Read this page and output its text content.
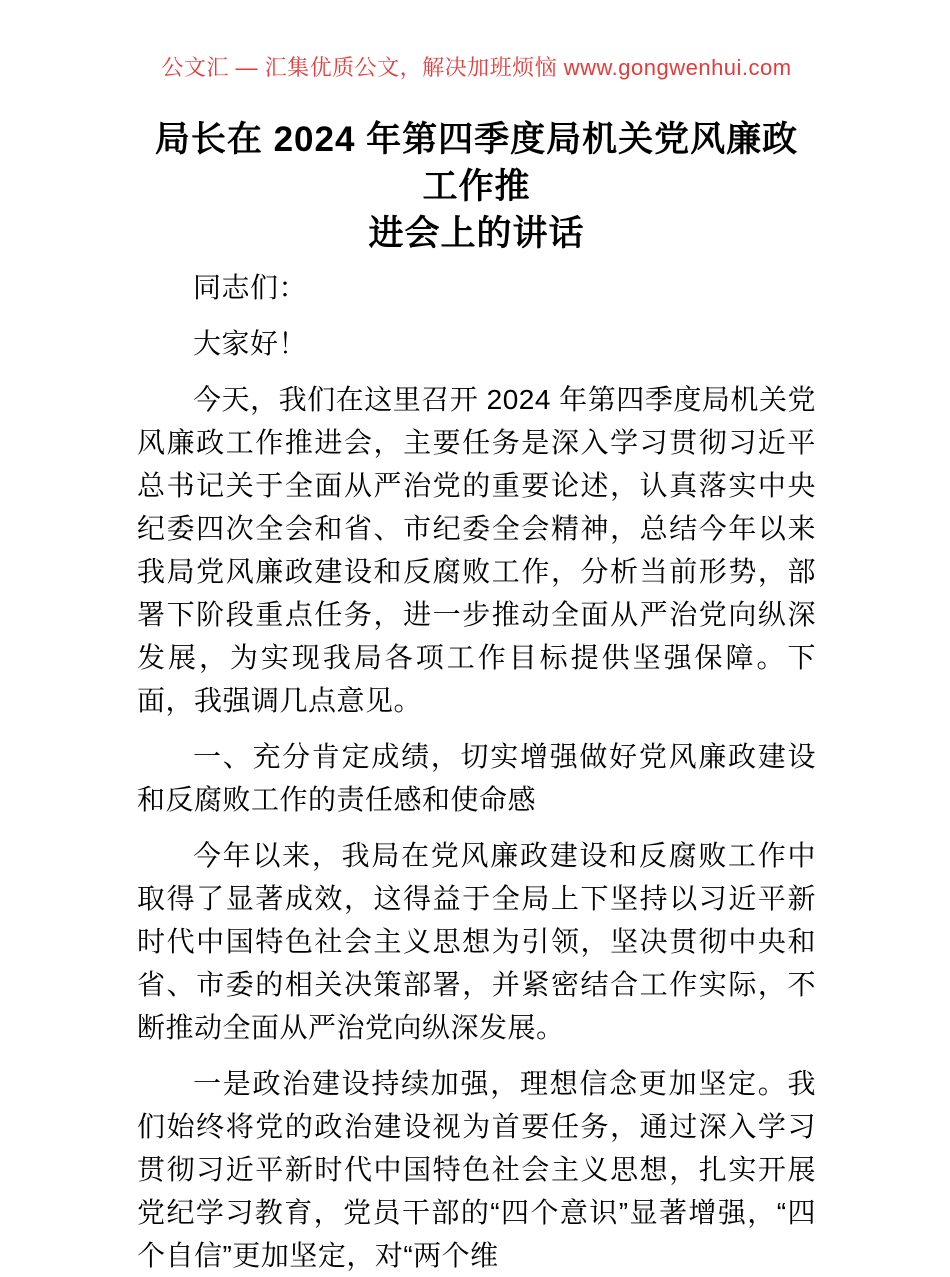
公文汇 — 汇集优质公文，解决加班烦恼 www.gongwenhui.com
局长在 2024 年第四季度局机关党风廉政工作推
进会上的讲话

同志们：

大家好！

今天，我们在这里召开 2024 年第四季度局机关党风廉政工作推进会，主要任务是深入学习贯彻习近平总书记关于全面从严治党的重要论述，认真落实中央纪委四次全会和省、市纪委全会精神，总结今年以来我局党风廉政建设和反腐败工作，分析当前形势，部署下阶段重点任务，进一步推动全面从严治党向纵深发展，为实现我局各项工作目标提供坚强保障。下面，我强调几点意见。

一、充分肯定成绩，切实增强做好党风廉政建设和反腐败工作的责任感和使命感

今年以来，我局在党风廉政建设和反腐败工作中取得了显著成效，这得益于全局上下坚持以习近平新时代中国特色社会主义思想为引领，坚决贯彻中央和省、市委的相关决策部署，并紧密结合工作实际，不断推动全面从严治党向纵深发展。

一是政治建设持续加强，理想信念更加坚定。我们始终将党的政治建设视为首要任务，通过深入学习贯彻习近平新时代中国特色社会主义思想，扎实开展党纪学习教育，党员干部的“四个意识”显著增强，“四个自信”更加坚定，对“两个维
